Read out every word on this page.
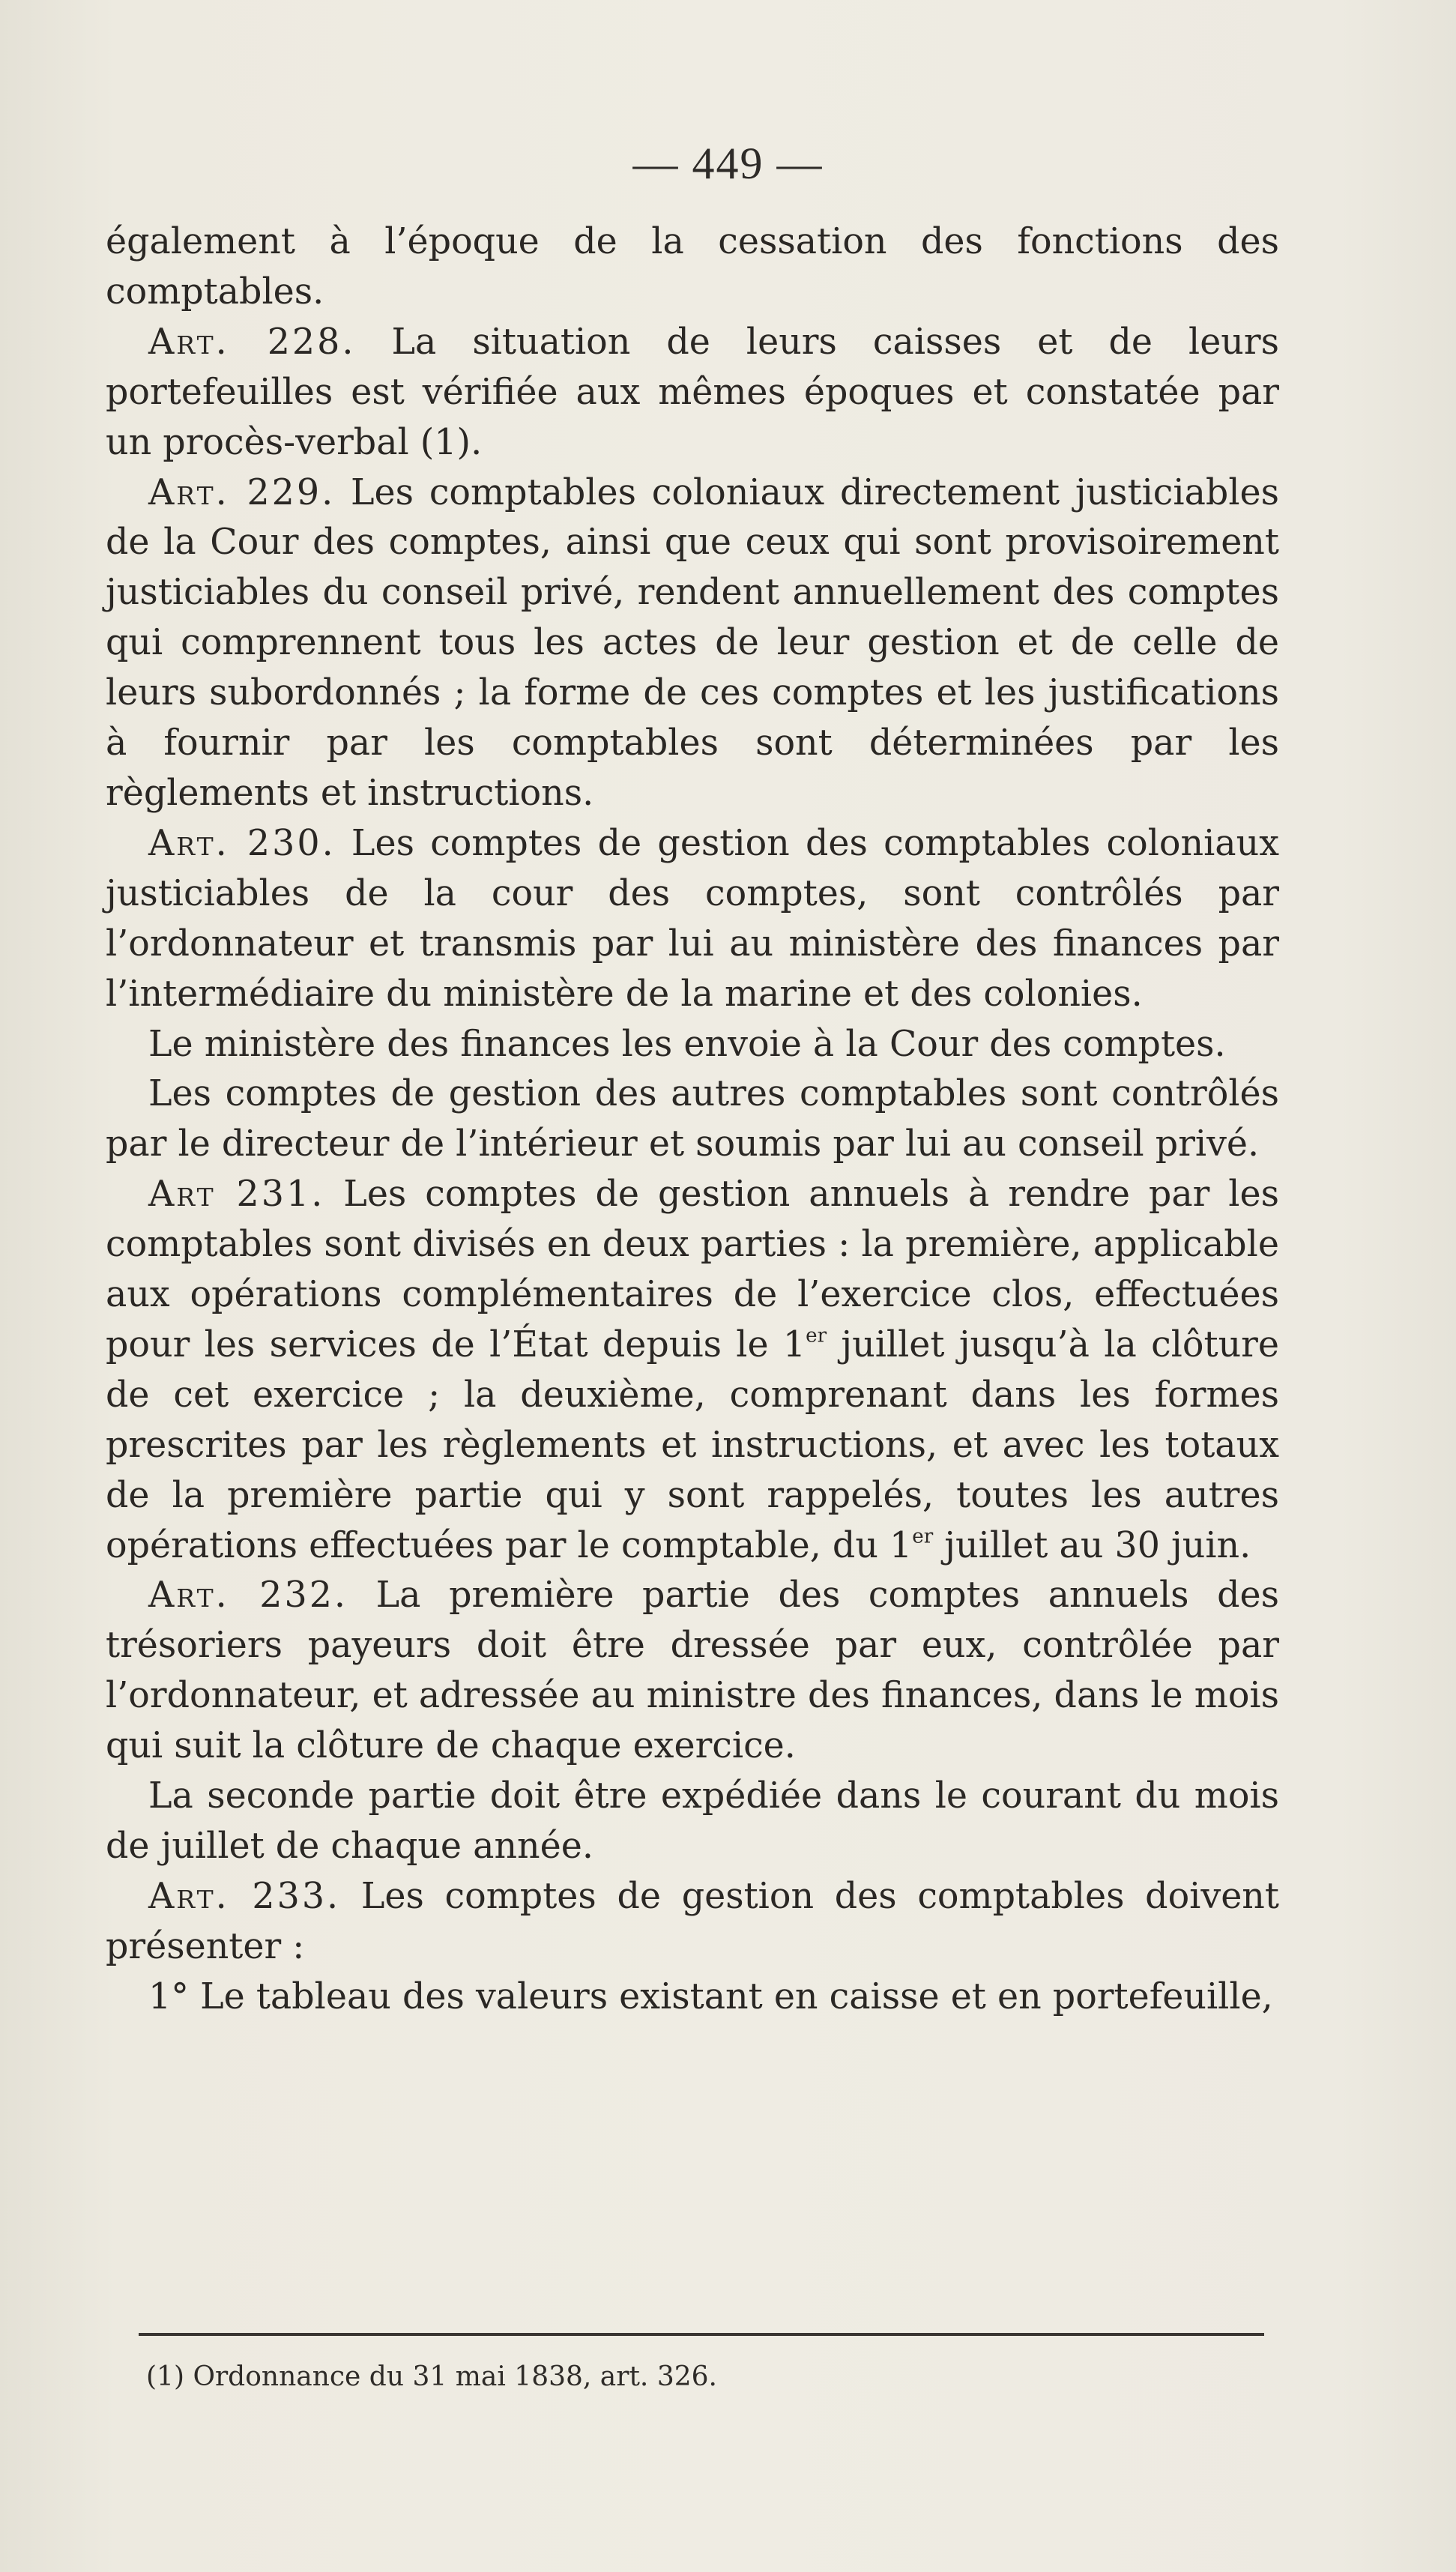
— 449 —

également à l’époque de la cessation des fonctions des comptables.

Art. 228. La situation de leurs caisses et de leurs portefeuilles est vérifiée aux mêmes époques et constatée par un procès-verbal (1).

Art. 229. Les comptables coloniaux directement justiciables de la Cour des comptes, ainsi que ceux qui sont provisoirement justiciables du conseil privé, rendent annuellement des comptes qui comprennent tous les actes de leur gestion et de celle de leurs subordonnés ; la forme de ces comptes et les justifications à fournir par les comptables sont déterminées par les règlements et instructions.

Art. 230. Les comptes de gestion des comptables coloniaux justiciables de la cour des comptes, sont contrôlés par l’ordonnateur et transmis par lui au ministère des finances par l’intermédiaire du ministère de la marine et des colonies.

Le ministère des finances les envoie à la Cour des comptes.

Les comptes de gestion des autres comptables sont contrôlés par le directeur de l’intérieur et soumis par lui au conseil privé.

Art 231. Les comptes de gestion annuels à rendre par les comptables sont divisés en deux parties : la première, applicable aux opérations complémentaires de l’exercice clos, effectuées pour les services de l’État depuis le 1er juillet jusqu’à la clôture de cet exercice ; la deuxième, comprenant dans les formes prescrites par les règlements et instructions, et avec les totaux de la première partie qui y sont rappelés, toutes les autres opérations effectuées par le comptable, du 1er juillet au 30 juin.

Art. 232. La première partie des comptes annuels des trésoriers payeurs doit être dressée par eux, contrôlée par l’ordonnateur, et adressée au ministre des finances, dans le mois qui suit la clôture de chaque exercice.

La seconde partie doit être expédiée dans le courant du mois de juillet de chaque année.

Art. 233. Les comptes de gestion des comptables doivent présenter :

1° Le tableau des valeurs existant en caisse et en portefeuille,

(1) Ordonnance du 31 mai 1838, art. 326.
